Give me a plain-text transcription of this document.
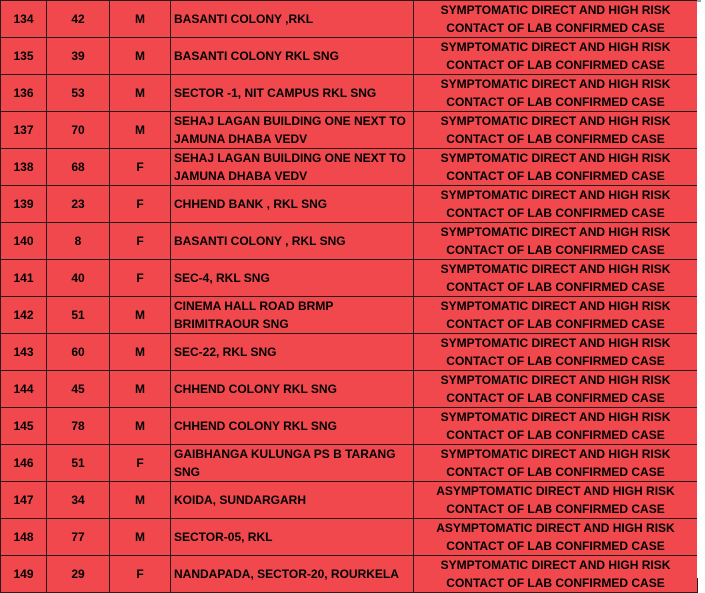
134	42	M	BASANTI COLONY ,RKL	SYMPTOMATIC DIRECT AND HIGH RISK CONTACT OF LAB CONFIRMED CASE
135	39	M	BASANTI COLONY RKL SNG	SYMPTOMATIC DIRECT AND HIGH RISK CONTACT OF LAB CONFIRMED CASE
136	53	M	SECTOR -1, NIT CAMPUS RKL SNG	SYMPTOMATIC DIRECT AND HIGH RISK CONTACT OF LAB CONFIRMED CASE
137	70	M	SEHAJ LAGAN BUILDING ONE NEXT TO JAMUNA DHABA VEDV	SYMPTOMATIC DIRECT AND HIGH RISK CONTACT OF LAB CONFIRMED CASE
138	68	F	SEHAJ LAGAN BUILDING ONE NEXT TO JAMUNA DHABA VEDV	SYMPTOMATIC DIRECT AND HIGH RISK CONTACT OF LAB CONFIRMED CASE
139	23	F	CHHEND BANK , RKL SNG	SYMPTOMATIC DIRECT AND HIGH RISK CONTACT OF LAB CONFIRMED CASE
140	8	F	BASANTI COLONY , RKL SNG	SYMPTOMATIC DIRECT AND HIGH RISK CONTACT OF LAB CONFIRMED CASE
141	40	F	SEC-4, RKL SNG	SYMPTOMATIC DIRECT AND HIGH RISK CONTACT OF LAB CONFIRMED CASE
142	51	M	CINEMA HALL ROAD BRMP BRIMITRAOUR SNG	SYMPTOMATIC DIRECT AND HIGH RISK CONTACT OF LAB CONFIRMED CASE
143	60	M	SEC-22, RKL SNG	SYMPTOMATIC DIRECT AND HIGH RISK CONTACT OF LAB CONFIRMED CASE
144	45	M	CHHEND COLONY RKL SNG	SYMPTOMATIC DIRECT AND HIGH RISK CONTACT OF LAB CONFIRMED CASE
145	78	M	CHHEND COLONY RKL SNG	SYMPTOMATIC DIRECT AND HIGH RISK CONTACT OF LAB CONFIRMED CASE
146	51	F	GAIBHANGA KULUNGA PS B TARANG SNG	SYMPTOMATIC DIRECT AND HIGH RISK CONTACT OF LAB CONFIRMED CASE
147	34	M	KOIDA, SUNDARGARH	ASYMPTOMATIC DIRECT AND HIGH RISK CONTACT OF LAB CONFIRMED CASE
148	77	M	SECTOR-05, RKL	ASYMPTOMATIC DIRECT AND HIGH RISK CONTACT OF LAB CONFIRMED CASE
149	29	F	NANDAPADA, SECTOR-20, ROURKELA	SYMPTOMATIC DIRECT AND HIGH RISK CONTACT OF LAB CONFIRMED CASE
